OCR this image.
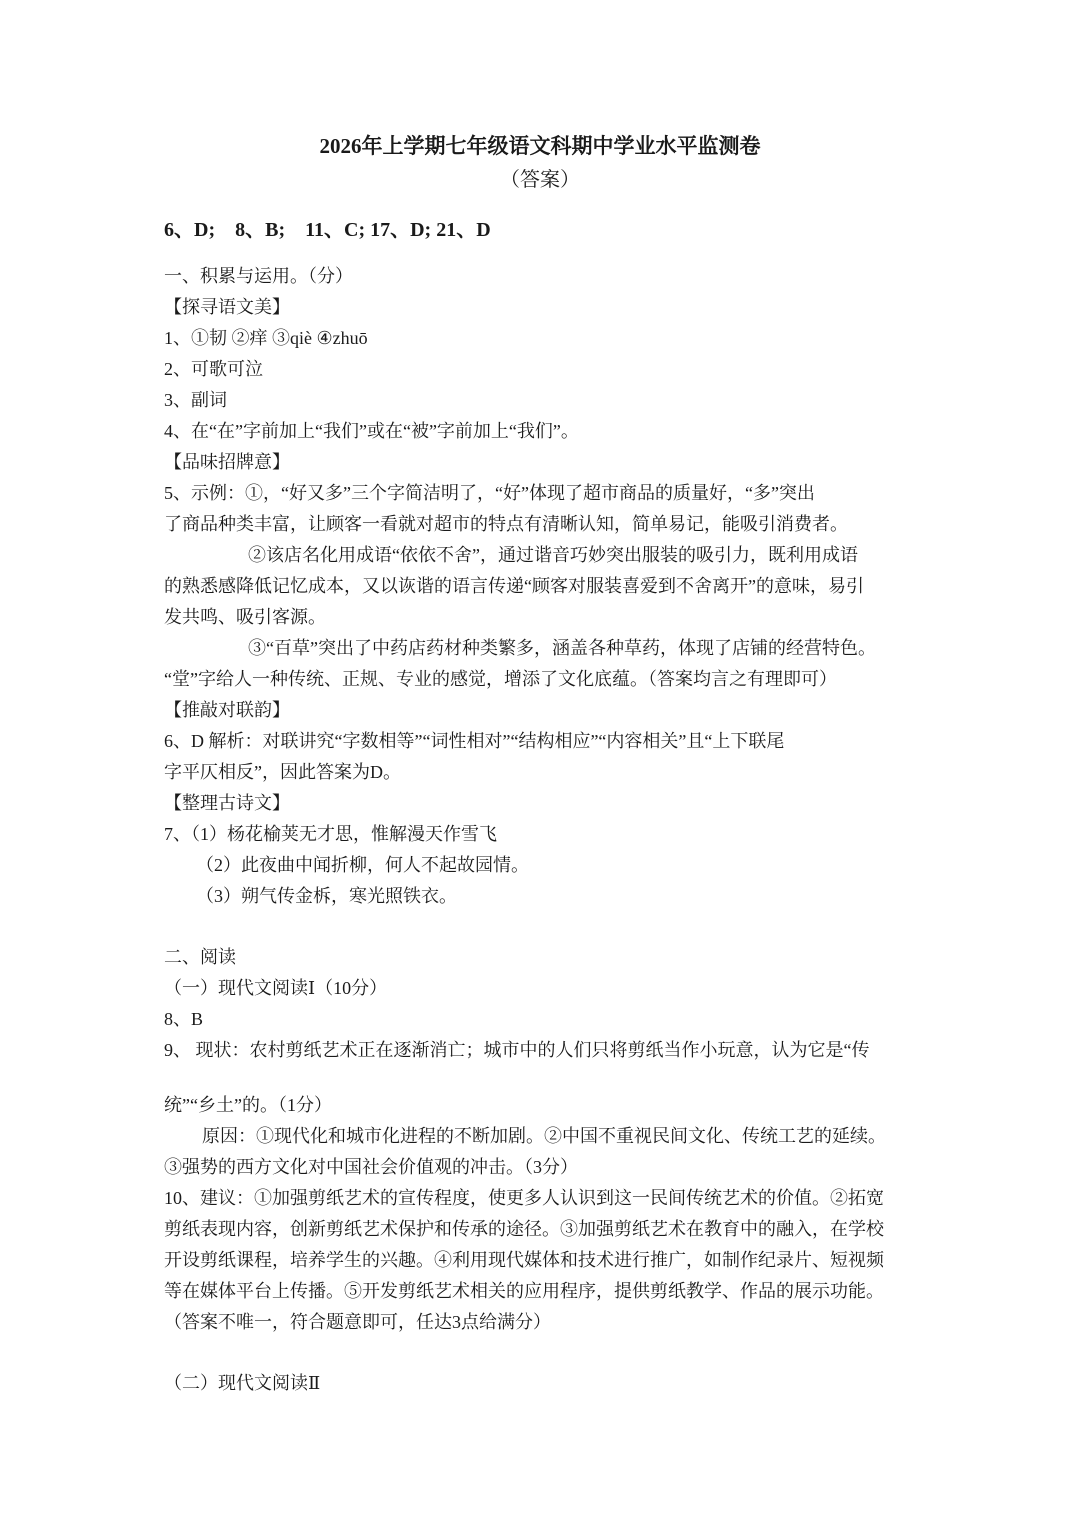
2026年上学期七年级语文科期中学业水平监测卷
（答案）
6、D;　8、B;　11、C; 17、D; 21、D
一、积累与运用。（分）
【探寻语文美】
1、①韧 ②痒 ③qiè ④zhuō
2、可歌可泣
3、副词
4、在“在”字前加上“我们”或在“被”字前加上“我们”。
【品味招牌意】
5、示例：①，“好又多”三个字简洁明了，“好”体现了超市商品的质量好，“多”突出
了商品种类丰富，让顾客一看就对超市的特点有清晰认知，简单易记，能吸引消费者。
②该店名化用成语“依依不舍”，通过谐音巧妙突出服装的吸引力，既利用成语
的熟悉感降低记忆成本，又以诙谐的语言传递“顾客对服装喜爱到不舍离开”的意味，易引
发共鸣、吸引客源。
③“百草”突出了中药店药材种类繁多，涵盖各种草药，体现了店铺的经营特色。
“堂”字给人一种传统、正规、专业的感觉，增添了文化底蕴。（答案均言之有理即可）
【推敲对联韵】
6、D 解析：对联讲究“字数相等”“词性相对”“结构相应”“内容相关”且“上下联尾
字平仄相反”，因此答案为D。
【整理古诗文】
7、（1）杨花榆荚无才思，惟解漫天作雪飞
（2）此夜曲中闻折柳，何人不起故园情。
（3）朔气传金柝，寒光照铁衣。
二、阅读
（一）现代文阅读Ⅰ（10分）
8、B
9、 现状：农村剪纸艺术正在逐渐消亡；城市中的人们只将剪纸当作小玩意，认为它是“传
统”“乡土”的。（1分）
原因：①现代化和城市化进程的不断加剧。②中国不重视民间文化、传统工艺的延续。
③强势的西方文化对中国社会价值观的冲击。（3分）
10、建议：①加强剪纸艺术的宣传程度，使更多人认识到这一民间传统艺术的价值。②拓宽
剪纸表现内容，创新剪纸艺术保护和传承的途径。③加强剪纸艺术在教育中的融入，在学校
开设剪纸课程，培养学生的兴趣。④利用现代媒体和技术进行推广，如制作纪录片、短视频
等在媒体平台上传播。⑤开发剪纸艺术相关的应用程序，提供剪纸教学、作品的展示功能。
（答案不唯一，符合题意即可，任达3点给满分）
（二）现代文阅读Ⅱ
